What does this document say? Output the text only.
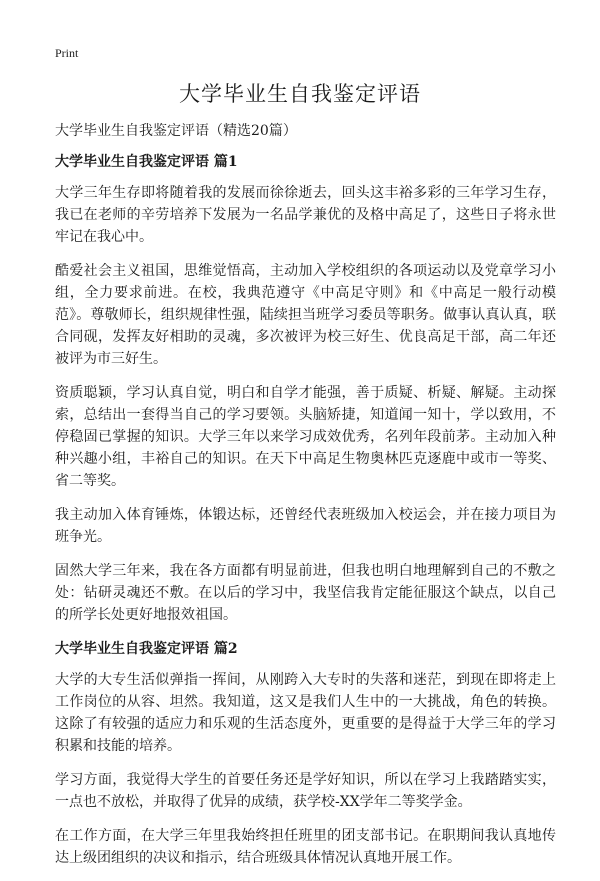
Print
大学毕业生自我鉴定评语

大学毕业生自我鉴定评语（精选20篇）

大学毕业生自我鉴定评语 篇1

大学三年生存即将随着我的发展而徐徐逝去，回头这丰裕多彩的三年学习生存，我已在老师的辛劳培养下发展为一名品学兼优的及格中高足了，这些日子将永世牢记在我心中。

酷爱社会主义祖国，思维觉悟高，主动加入学校组织的各项运动以及党章学习小组，全力要求前进。在校，我典范遵守《中高足守则》和《中高足一般行动模范》。尊敬师长，组织规律性强，陆续担当班学习委员等职务。做事认真认真，联合同砚，发挥友好相助的灵魂，多次被评为校三好生、优良高足干部，高二年还被评为市三好生。

资质聪颖，学习认真自觉，明白和自学才能强，善于质疑、析疑、解疑。主动探索，总结出一套得当自己的学习要领。头脑矫捷，知道闻一知十，学以致用，不停稳固已掌握的知识。大学三年以来学习成效优秀，名列年段前茅。主动加入种种兴趣小组，丰裕自己的知识。在天下中高足生物奥林匹克逐鹿中或市一等奖、省二等奖。

我主动加入体育锤炼，体锻达标，还曾经代表班级加入校运会，并在接力项目为班争光。

固然大学三年来，我在各方面都有明显前进，但我也明白地理解到自己的不敷之处：钻研灵魂还不敷。在以后的学习中，我坚信我肯定能征服这个缺点，以自己的所学长处更好地报效祖国。

大学毕业生自我鉴定评语 篇2

大学的大专生活似弹指一挥间，从刚跨入大专时的失落和迷茫，到现在即将走上工作岗位的从容、坦然。我知道，这又是我们人生中的一大挑战，角色的转换。这除了有较强的适应力和乐观的生活态度外，更重要的是得益于大学三年的学习积累和技能的培养。

学习方面，我觉得大学生的首要任务还是学好知识，所以在学习上我踏踏实实，一点也不放松，并取得了优异的成绩，获学校-XX学年二等奖学金。

在工作方面，在大学三年里我始终担任班里的团支部书记。在职期间我认真地传达上级团组织的决议和指示，结合班级具体情况认真地开展工作。
